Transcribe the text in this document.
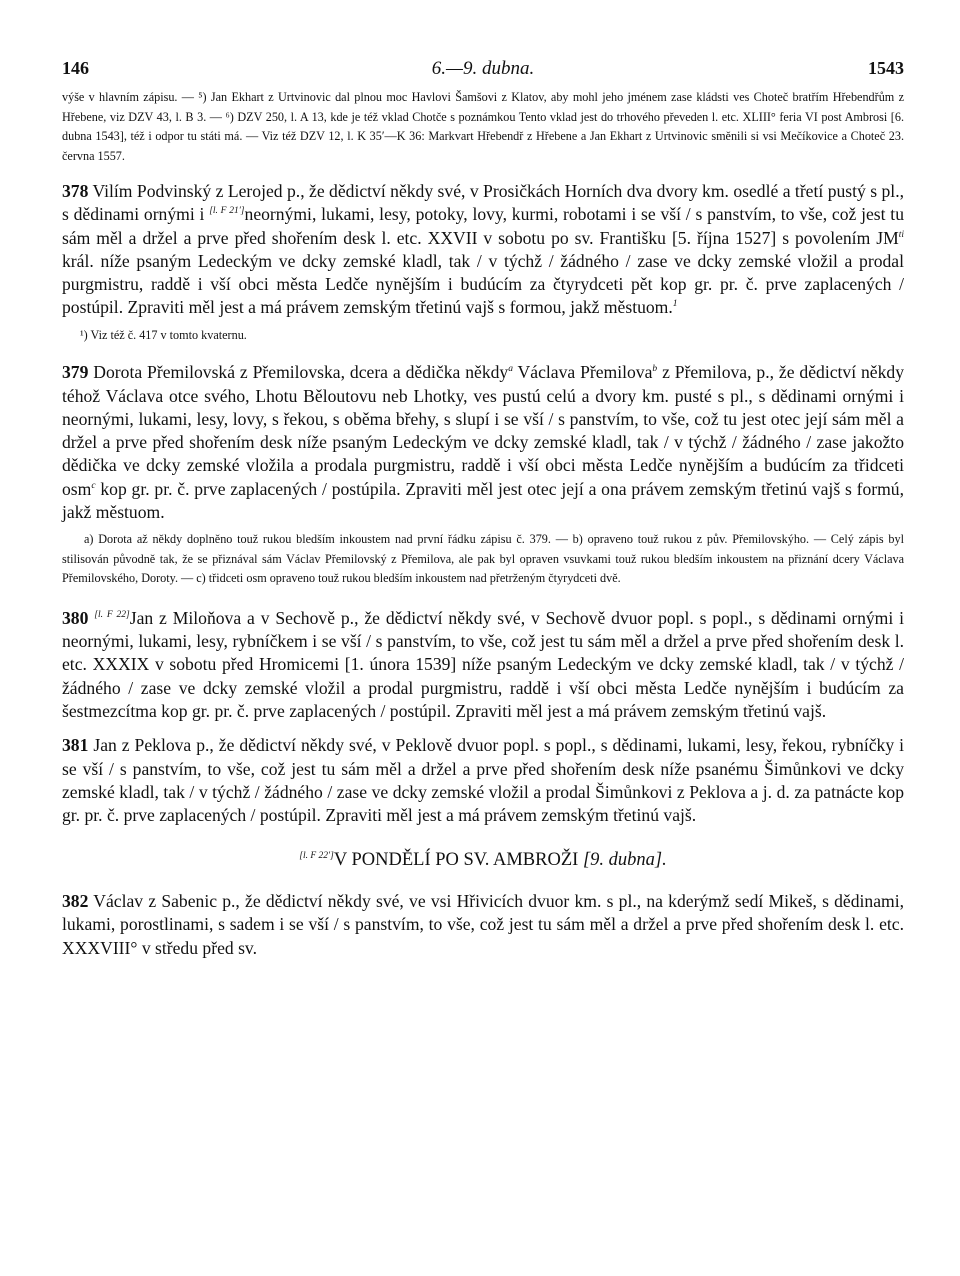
146	6.—9. dubna.	1543

výše v hlavním zápisu. — ⁵) Jan Ekhart z Urtvinovic dal plnou moc Havlovi Šamšovi z Klatov, aby mohl jeho jménem zase kládsti ves Choteč bratřím Hřebendřům z Hřebene, viz DZV 43, l. B 3. — ⁶) DZV 250, l. A 13, kde je též vklad Chotče s poznámkou Tento vklad jest do trhového převeden l. etc. XLIII° feria VI post Ambrosi [6. dubna 1543], též i odpor tu státi má. — Viz též DZV 12, l. K 35′—K 36: Markvart Hřebendř z Hřebene a Jan Ekhart z Urtvinovic směnili si vsi Mečíkovice a Choteč 23. června 1557.

378 Vilím Podvinský z Lerojed p., že dědictví někdy své, v Prosičkách Horních dva dvory km. osedlé a třetí pustý s pl., s dědinami ornými i [l. F 21′]neornými, lukami, lesy, potoky, lovy, kurmi, robotami i se vší / s panstvím, to vše, což jest tu sám měl a držel a prve před shořením desk l. etc. XXVII v sobotu po sv. Františku [5. října 1527] s povolením $JM^{ti}$ král. níže psaným Ledeckým ve dcky zemské kladl, tak / v týchž / žádného / zase ve dcky zemské vložil a prodal purgmistru, raddě i vší obci města Ledče nynějším i budúcím za čtyrydceti pět kop gr. pr. č. prve zaplacených / postúpil. Zpraviti měl jest a má právem zemským třetinú vajš s formou, jakž městuom.$^1$

¹) Viz též č. 417 v tomto kvaternu.

379 Dorota Přemilovská z Přemilovska, dcera a dědička někdy$^a$ Václava Přemilova$^b$ z Přemilova, p., že dědictví někdy téhož Václava otce svého, Lhotu Běloutovu neb Lhotky, ves pustú celú a dvory km. pusté s pl., s dědinami ornými i neornými, lukami, lesy, lovy, s řekou, s oběma břehy, s slupí i se vší / s panstvím, to vše, což tu jest otec její sám měl a držel a prve před shořením desk níže psaným Ledeckým ve dcky zemské kladl, tak / v týchž / žádného / zase jakožto dědička ve dcky zemské vložila a prodala purgmistru, raddě i vší obci města Ledče nynějším a budúcím za třidceti osm$^c$ kop gr. pr. č. prve zaplacených / postúpila. Zpraviti měl jest otec její a ona právem zemským třetinú vajš s formú, jakž městuom.

a) Dorota až někdy doplněno touž rukou bledším inkoustem nad první řádku zápisu č. 379. — b) opraveno touž rukou z pův. Přemilovskýho. — Celý zápis byl stilisován původně tak, že se přiznával sám Václav Přemilovský z Přemilova, ale pak byl opraven vsuvkami touž rukou bledším inkoustem na přiznání dcery Václava Přemilovského, Doroty. — c) třidceti osm opraveno touž rukou bledším inkoustem nad přetrženým čtyrydceti dvě.

380 [l. F 22]Jan z Miloňova a v Sechově p., že dědictví někdy své, v Sechově dvuor popl. s popl., s dědinami ornými i neornými, lukami, lesy, rybníčkem i se vší / s panstvím, to vše, což jest tu sám měl a držel a prve před shořením desk l. etc. XXXIX v sobotu před Hromicemi [1. února 1539] níže psaným Ledeckým ve dcky zemské kladl, tak / v týchž / žádného / zase ve dcky zemské vložil a prodal purgmistru, raddě i vší obci města Ledče nynějším i budúcím za šestmezcítma kop gr. pr. č. prve zaplacených / postúpil. Zpraviti měl jest a má právem zemským třetinú vajš.

381 Jan z Peklova p., že dědictví někdy své, v Peklově dvuor popl. s popl., s dědinami, lukami, lesy, řekou, rybníčky i se vší / s panstvím, to vše, což jest tu sám měl a držel a prve před shořením desk níže psanému Šimůnkovi ve dcky zemské kladl, tak / v týchž / žádného / zase ve dcky zemské vložil a prodal Šimůnkovi z Peklova a j. d. za patnácte kop gr. pr. č. prve zaplacených / postúpil. Zpraviti měl jest a má právem zemským třetinú vajš.

[l. F 22′]V PONDĚLÍ PO SV. AMBROŽI [9. dubna].

382 Václav z Sabenic p., že dědictví někdy své, ve vsi Hřivicích dvuor km. s pl., na kderýmž sedí Mikeš, s dědinami, lukami, porostlinami, s sadem i se vší / s panstvím, to vše, což jest tu sám měl a držel a prve před shořením desk l. etc. XXXVIII° v středu před sv.
